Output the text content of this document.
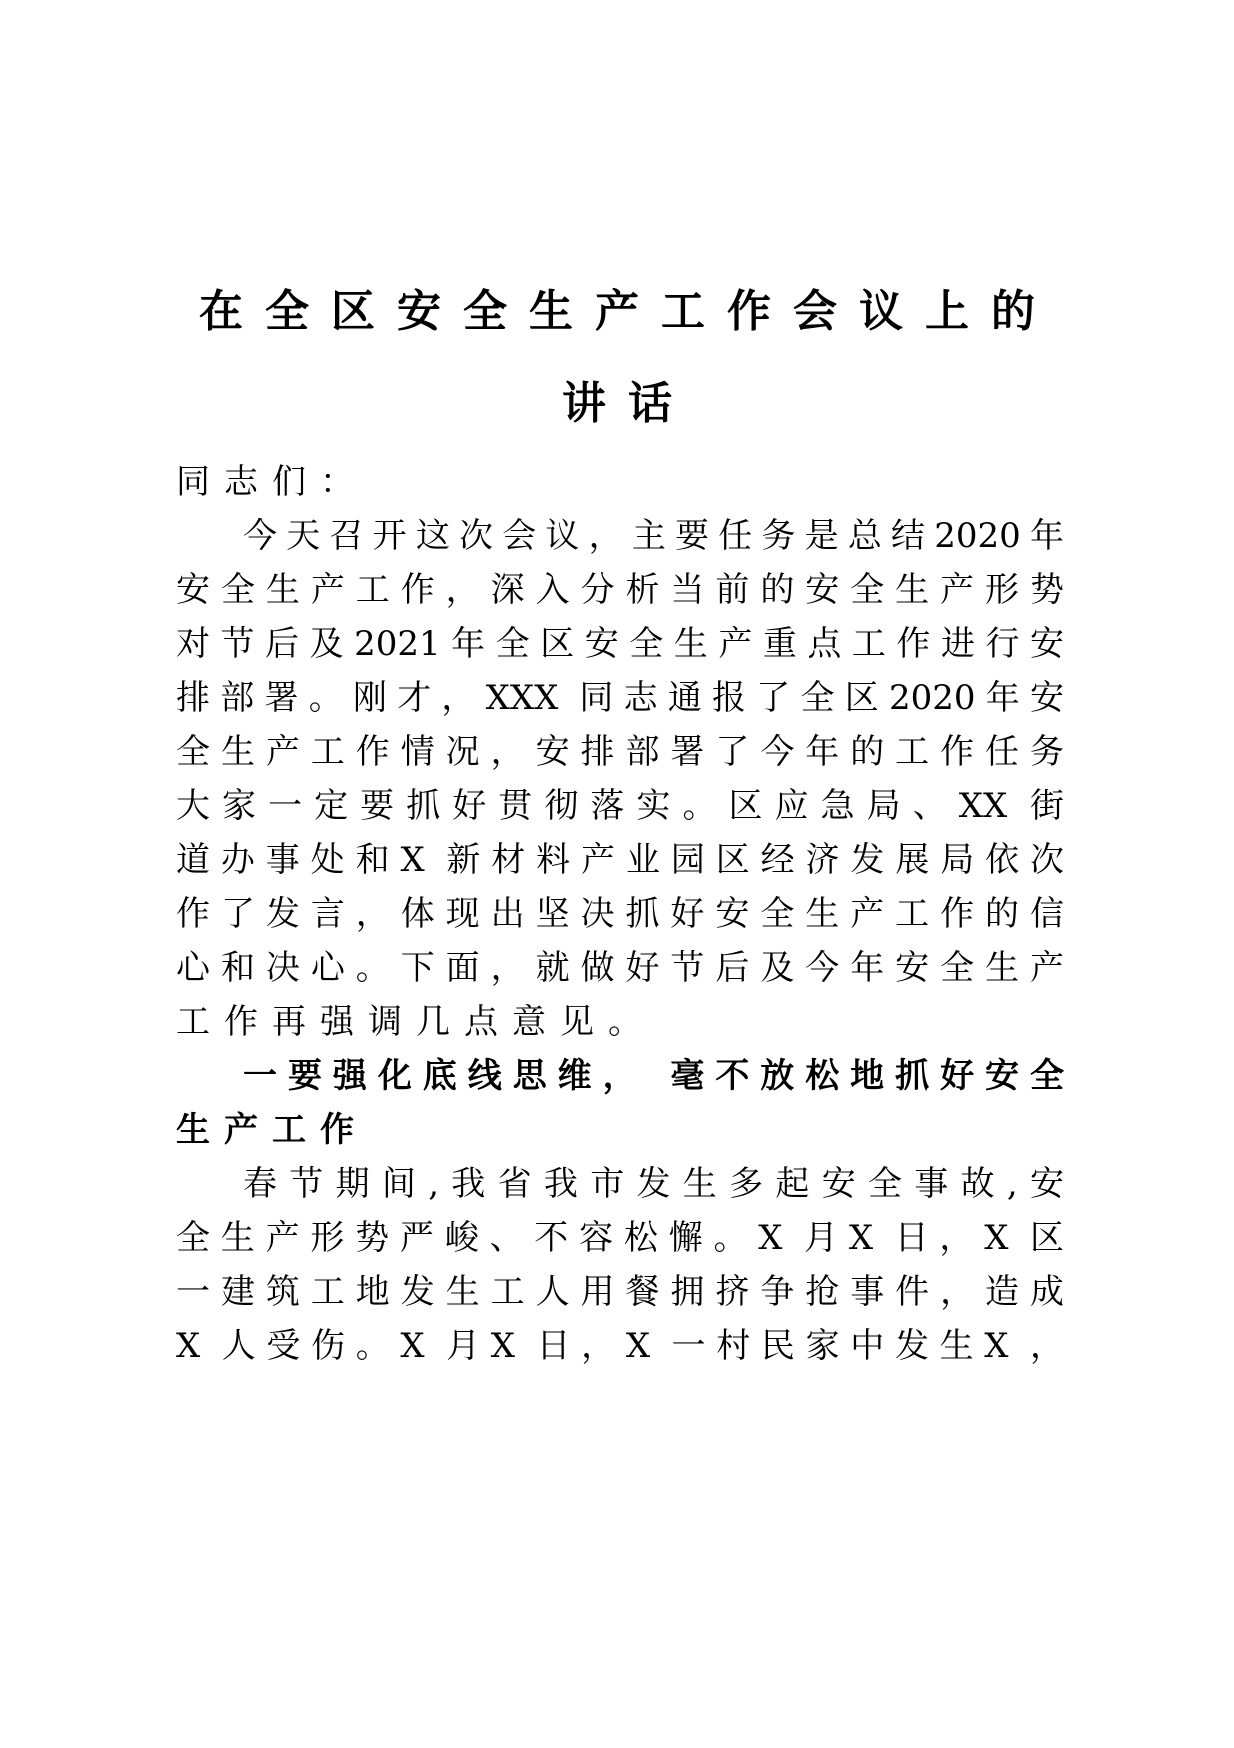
在全区安全生产工作会议上的
讲话
同志们：
今天召开这次会议，主要任务是总结2020年
安全生产工作，深入分析当前的安全生产形势
对节后及2021年全区安全生产重点工作进行安
排部署。刚才，XXX 同志通报了全区2020年安
全生产工作情况，安排部署了今年的工作任务
大家一定要抓好贯彻落实。区应急局、XX 街
道办事处和X 新材料产业园区经济发展局依次
作了发言，体现出坚决抓好安全生产工作的信
心和决心。下面，就做好节后及今年安全生产
工作再强调几点意见。
一要强化底线思维， 毫不放松地抓好安全
生产工作
春节期间,我省我市发生多起安全事故,安
全生产形势严峻、不容松懈。X 月X 日，X 区
一建筑工地发生工人用餐拥挤争抢事件，造成
X 人受伤。X 月X 日，X 一村民家中发生X ，
